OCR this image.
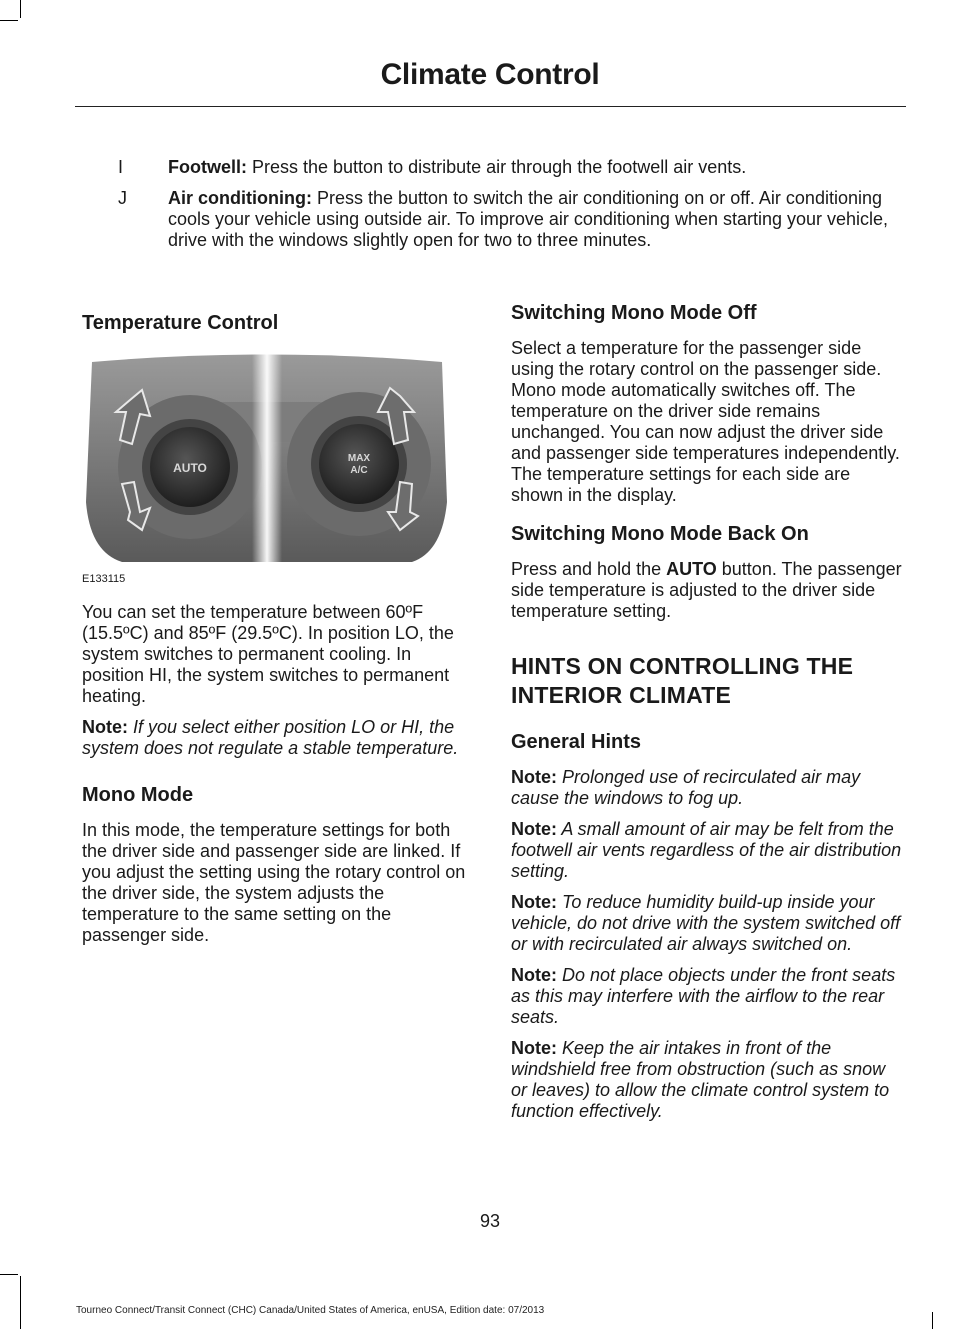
Climate Control
I Footwell: Press the button to distribute air through the footwell air vents.
J Air conditioning: Press the button to switch the air conditioning on or off. Air conditioning cools your vehicle using outside air. To improve air conditioning when starting your vehicle, drive with the windows slightly open for two to three minutes.
Temperature Control
AUTO
MAX
A/C
E133115

You can set the temperature between 60ºF (15.5ºC) and 85ºF (29.5ºC). In position LO, the system switches to permanent cooling. In position HI, the system switches to permanent heating.

Note: If you select either position LO or HI, the system does not regulate a stable temperature.

Mono Mode

In this mode, the temperature settings for both the driver side and passenger side are linked. If you adjust the setting using the rotary control on the driver side, the system adjusts the temperature to the same setting on the passenger side.

Switching Mono Mode Off

Select a temperature for the passenger side using the rotary control on the passenger side. Mono mode automatically switches off. The temperature on the driver side remains unchanged. You can now adjust the driver side and passenger side temperatures independently. The temperature settings for each side are shown in the display.

Switching Mono Mode Back On

Press and hold the AUTO button. The passenger side temperature is adjusted to the driver side temperature setting.

HINTS ON CONTROLLING THE
INTERIOR CLIMATE
General Hints

Note: Prolonged use of recirculated air may cause the windows to fog up.

Note: A small amount of air may be felt from the footwell air vents regardless of the air distribution setting.

Note: To reduce humidity build-up inside your vehicle, do not drive with the system switched off or with recirculated air always switched on.

Note: Do not place objects under the front seats as this may interfere with the airflow to the rear seats.

Note: Keep the air intakes in front of the windshield free from obstruction (such as snow or leaves) to allow the climate control system to function effectively.

93
Tourneo Connect/Transit Connect (CHC) Canada/United States of America, enUSA, Edition date: 07/2013
